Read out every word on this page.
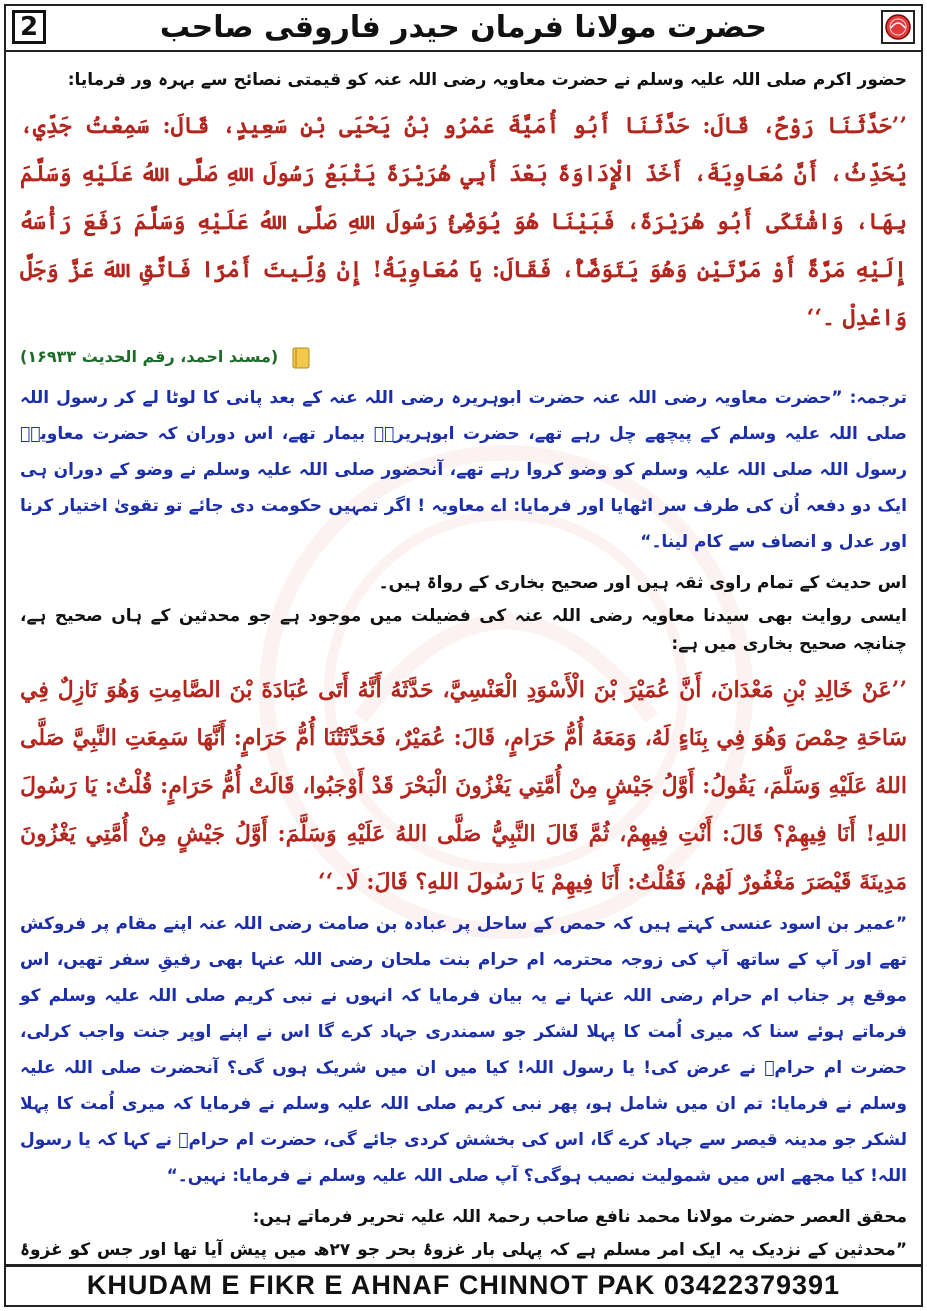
2	حضرت مولانا فرمان حیدر فاروقی صاحب

حضور اکرم صلی اللہ علیہ وسلم نے حضرت معاویہ رضی اللہ عنہ کو قیمتی نصائح سے بہرہ ور فرمایا:

’’حَدَّثَنَا رَوْحٌ، قَالَ: حَدَّثَنَا أَبُو أُمَيَّةَ عَمْرُو بْنُ يَحْيَى بْنِ سَعِيدٍ، قَالَ: سَمِعْتُ جَدِّي، يُحَدِّثُ، أَنَّ مُعَاوِيَةَ، أَخَذَ الْإِدَاوَةَ بَعْدَ أَبِي هُرَيْرَةَ يَتْبَعُ رَسُولَ اللهِ صَلَّى اللهُ عَلَيْهِ وَسَلَّمَ بِهَا، وَاشْتَكَى أَبُو هُرَيْرَةَ، فَبَيْنَا هُوَ يُوَضِّئُ رَسُولَ اللهِ صَلَّى اللهُ عَلَيْهِ وَسَلَّمَ رَفَعَ رَأْسَهُ إِلَيْهِ مَرَّةً أَوْ مَرَّتَيْنِ وَهُوَ يَتَوَضَّأُ، فَقَالَ: يَا مُعَاوِيَةُ! إِنْ وُلِّيتَ أَمْرًا فَاتَّقِ اللهَ عَزَّ وَجَلَّ وَاعْدِلْ ۔‘‘

(مسند احمد، رقم الحدیث ۱۶۹۳۳)

ترجمہ: ”حضرت معاویہ رضی اللہ عنہ حضرت ابوہریرہ رضی اللہ عنہ کے بعد پانی کا لوٹا لے کر رسول اللہ صلی اللہ علیہ وسلم کے پیچھے چل رہے تھے، حضرت ابوہریرہؓ بیمار تھے، اس دوران کہ حضرت معاویہؓ رسول اللہ صلی اللہ علیہ وسلم کو وضو کروا رہے تھے، آنحضور صلی اللہ علیہ وسلم نے وضو کے دوران ہی ایک دو دفعہ اُن کی طرف سر اٹھایا اور فرمایا: اے معاویہ ! اگر تمہیں حکومت دی جائے تو تقویٰ اختیار کرنا اور عدل و انصاف سے کام لینا۔“

اس حدیث کے تمام راوی ثقہ ہیں اور صحیح بخاری کے رواۃ ہیں۔

ایسی روایت بھی سیدنا معاویہ رضی اللہ عنہ کی فضیلت میں موجود ہے جو محدثین کے ہاں صحیح ہے، چنانچہ صحیح بخاری میں ہے:

’’عَنْ خَالِدِ بْنِ مَعْدَانَ، أَنَّ عُمَيْرَ بْنَ الْأَسْوَدِ الْعَنْسِيَّ، حَدَّثَهُ أَنَّهُ أَتَى عُبَادَةَ بْنَ الصَّامِتِ وَهُوَ نَازِلٌ فِي سَاحَةِ حِمْصَ وَهُوَ فِي بِنَاءٍ لَهُ، وَمَعَهُ أُمُّ حَرَامٍ، قَالَ: عُمَيْرٌ، فَحَدَّثَتْنَا أُمُّ حَرَامٍ: أَنَّهَا سَمِعَتِ النَّبِيَّ صَلَّى اللهُ عَلَيْهِ وَسَلَّمَ، يَقُولُ: أَوَّلُ جَيْشٍ مِنْ أُمَّتِي يَغْزُونَ الْبَحْرَ قَدْ أَوْجَبُوا، قَالَتْ أُمُّ حَرَامٍ: قُلْتُ: يَا رَسُولَ اللهِ! أَنَا فِيهِمْ؟ قَالَ: أَنْتِ فِيهِمْ، ثُمَّ قَالَ النَّبِيُّ صَلَّى اللهُ عَلَيْهِ وَسَلَّمَ: أَوَّلُ جَيْشٍ مِنْ أُمَّتِي يَغْزُونَ مَدِينَةَ قَيْصَرَ مَغْفُورٌ لَهُمْ، فَقُلْتُ: أَنَا فِيهِمْ يَا رَسُولَ اللهِ؟ قَالَ: لَا۔‘‘

”عمیر بن اسود عنسی کہتے ہیں کہ حمص کے ساحل پر عبادہ بن صامت رضی اللہ عنہ اپنے مقام پر فروکش تھے اور آپ کے ساتھ آپ کی زوجہ محترمہ ام حرام بنت ملحان رضی اللہ عنہا بھی رفیقِ سفر تھیں، اس موقع پر جناب ام حرام رضی اللہ عنہا نے یہ بیان فرمایا کہ انہوں نے نبی کریم صلی اللہ علیہ وسلم کو فرماتے ہوئے سنا کہ میری اُمت کا پہلا لشکر جو سمندری جہاد کرے گا اس نے اپنے اوپر جنت واجب کرلی، حضرت ام حرامؓ نے عرض کی! یا رسول اللہ! کیا میں ان میں شریک ہوں گی؟ آنحضرت صلی اللہ علیہ وسلم نے فرمایا: تم ان میں شامل ہو، پھر نبی کریم صلی اللہ علیہ وسلم نے فرمایا کہ میری اُمت کا پہلا لشکر جو مدینہ قیصر سے جہاد کرے گا، اس کی بخشش کردی جائے گی، حضرت ام حرامؓ نے کہا کہ یا رسول اللہ! کیا مجھے اس میں شمولیت نصیب ہوگی؟ آپ صلی اللہ علیہ وسلم نے فرمایا: نہیں۔“

محقق العصر حضرت مولانا محمد نافع صاحب رحمۃ اللہ علیہ تحریر فرماتے ہیں:

”محدثین کے نزدیک یہ ایک امر مسلم ہے کہ پہلی بار غزوۂ بحر جو ۲۷ھ میں پیش آیا تھا اور جس کو غزوۂ

KHUDAM E FIKR E AHNAF CHINNOT PAK 03422379391
